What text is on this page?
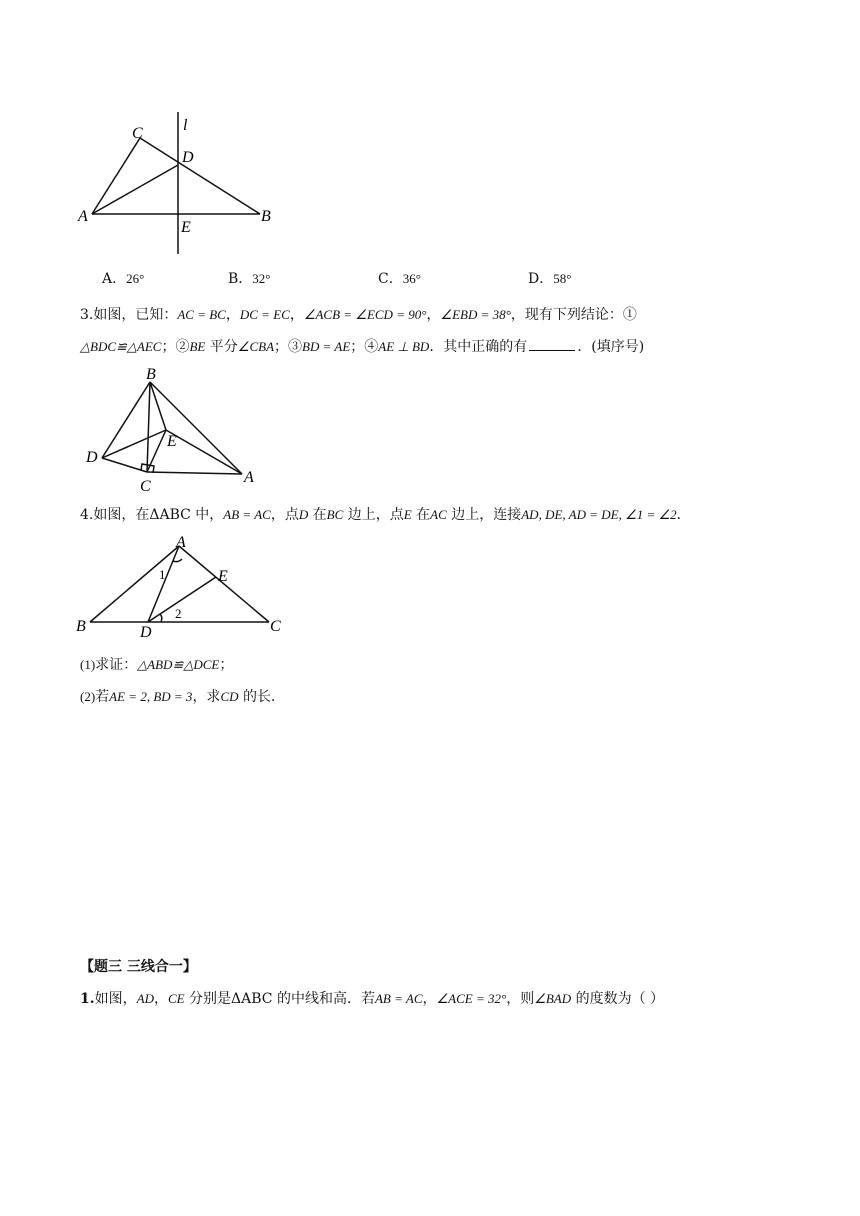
C
D
A	B
E
l
A．26°	B．32°	C．36°	D．58°
3.如图，已知：AC = BC，DC = EC，∠ACB = ∠ECD = 90°，∠EBD = 38°，现有下列结论：①
△BDC≌△AEC；②BE 平分∠CBA；③BD = AE；④AE ⊥ BD．其中正确的有	．(填序号)
B
E
D
C
A
4.如图，在ΔABC 中，AB = AC，点D 在BC 边上，点E 在AC 边上，连接AD, DE, AD = DE, ∠1 = ∠2．
A
E
B	D	C
1
2
(1)求证：△ABD≌△DCE；
(2)若AE = 2, BD = 3，求CD 的长．
【题三 三线合一】
1.如图，AD，CE 分别是ΔABC 的中线和高．若AB = AC，∠ACE = 32°，则∠BAD 的度数为（ ）
